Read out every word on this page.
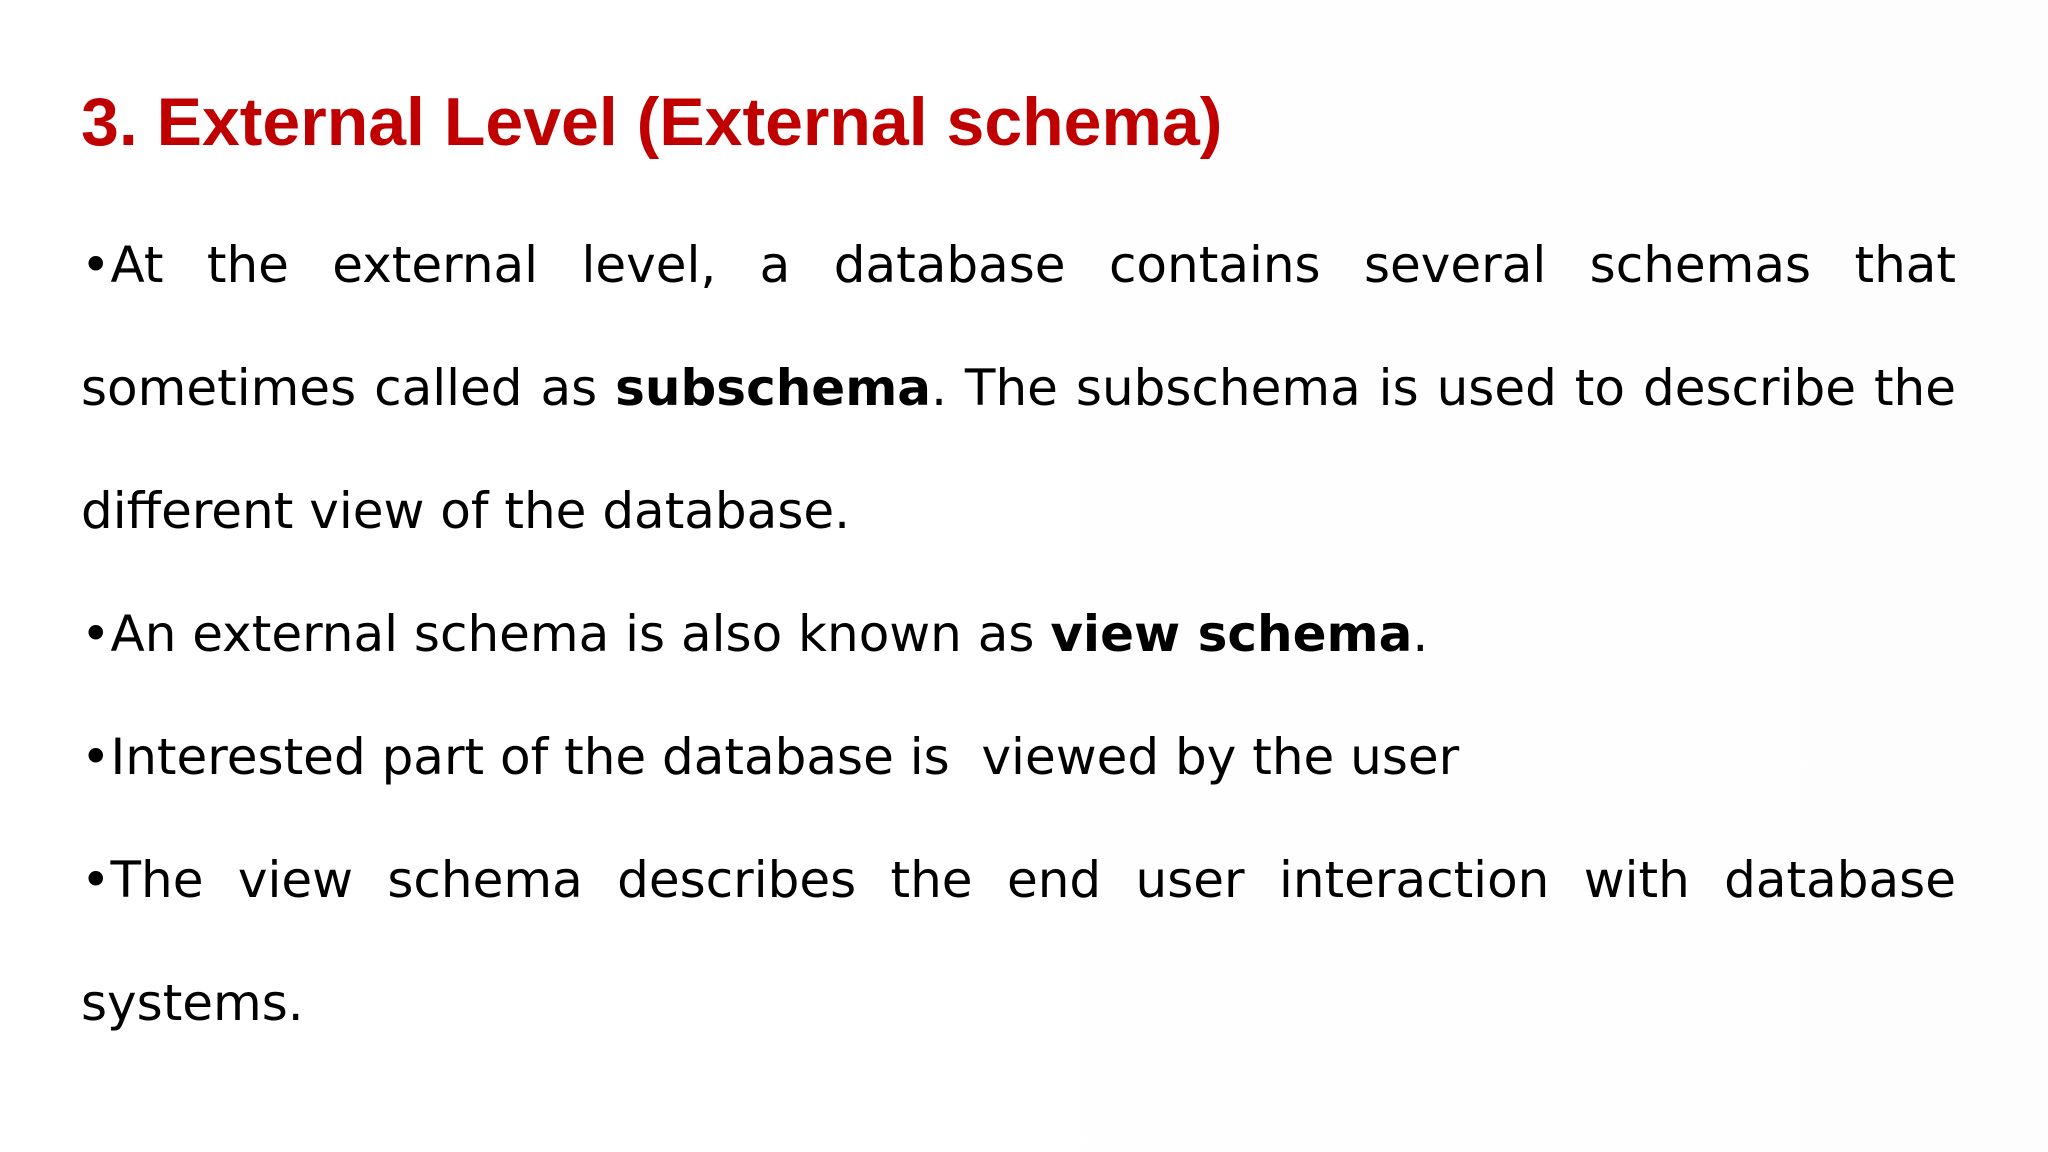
3. External Level (External schema)

•At the external level, a database contains several schemas that sometimes called as subschema. The subschema is used to describe the different view of the database.

•An external schema is also known as view schema.

•Interested part of the database is  viewed by the user

•The view schema describes the end user interaction with database systems.
